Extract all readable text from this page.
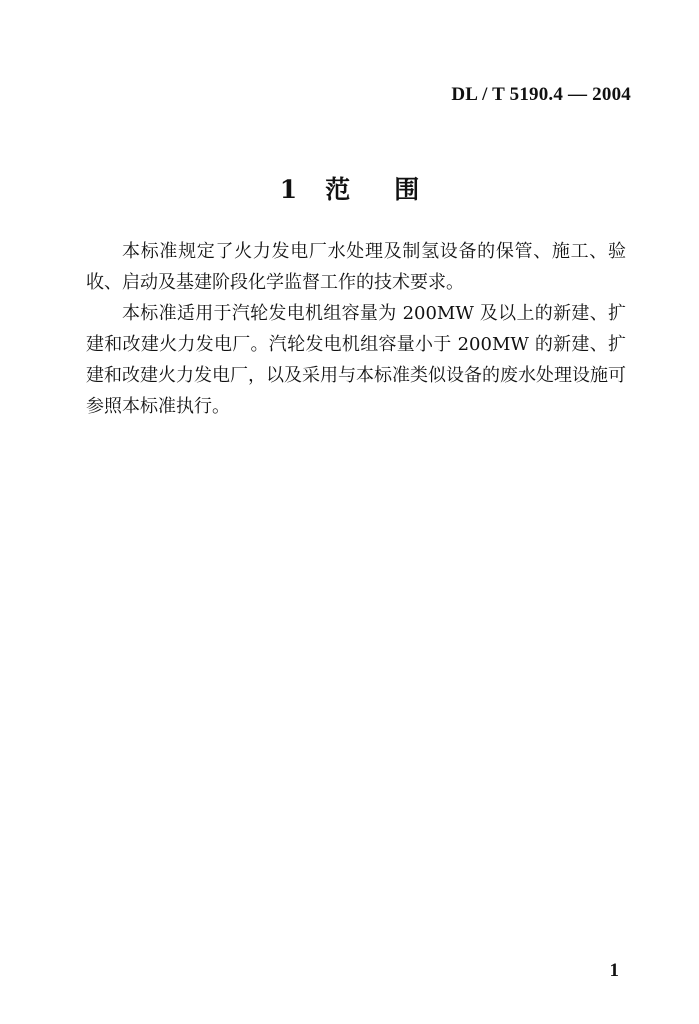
DL / T 5190.4 — 2004
1 范围

本标准规定了火力发电厂水处理及制氢设备的保管、施工、验收、启动及基建阶段化学监督工作的技术要求。

本标准适用于汽轮发电机组容量为 200MW 及以上的新建、扩建和改建火力发电厂。汽轮发电机组容量小于 200MW 的新建、扩建和改建火力发电厂，以及采用与本标准类似设备的废水处理设施可参照本标准执行。

1
